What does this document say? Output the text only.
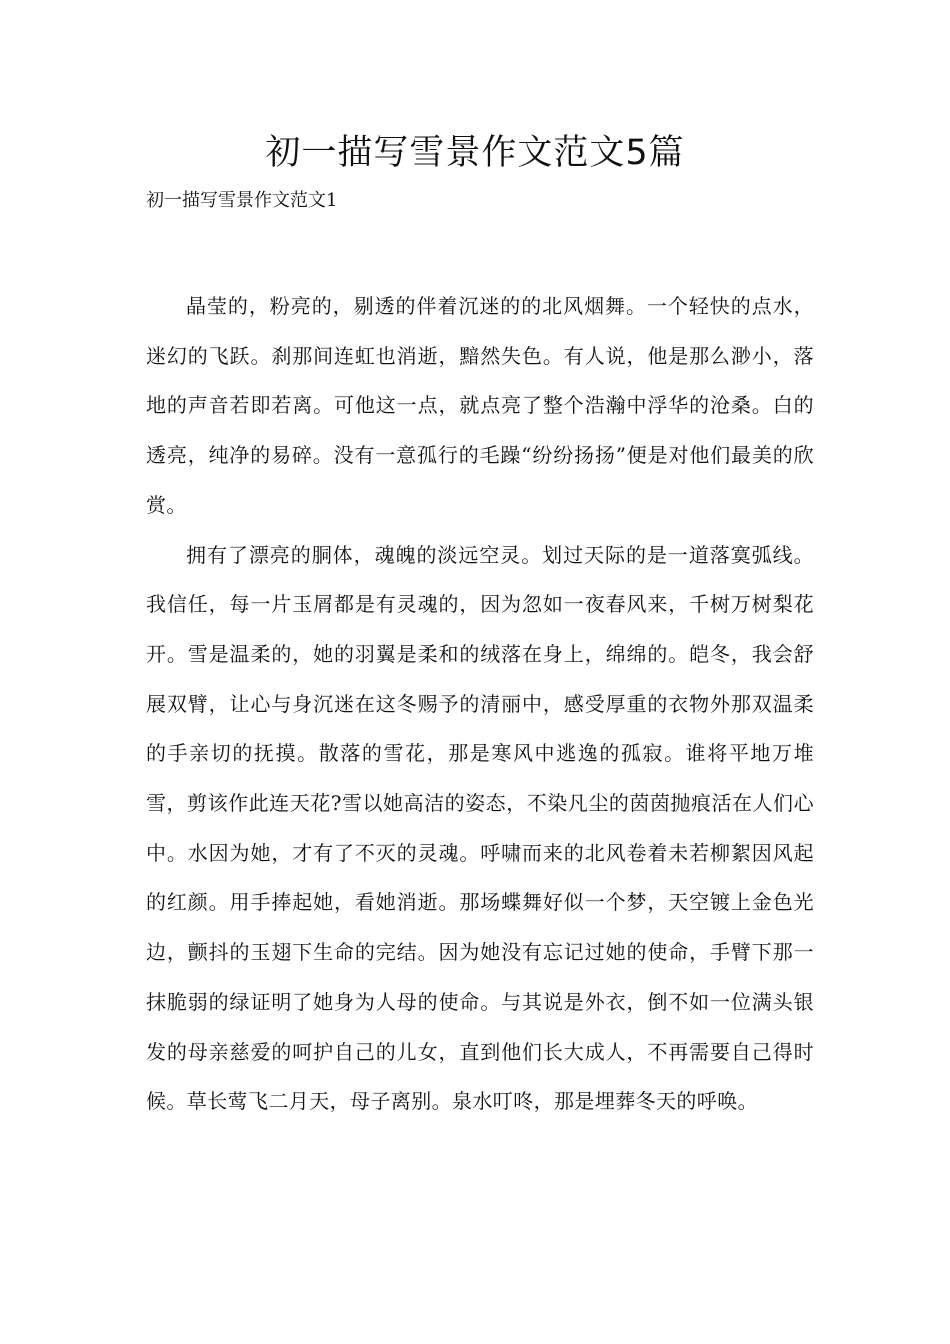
初一描写雪景作文范文5篇

初一描写雪景作文范文1

晶莹的，粉亮的，剔透的伴着沉迷的的北风烟舞。一个轻快的点水，迷幻的飞跃。刹那间连虹也消逝，黯然失色。有人说，他是那么渺小，落地的声音若即若离。可他这一点，就点亮了整个浩瀚中浮华的沧桑。白的透亮，纯净的易碎。没有一意孤行的毛躁“纷纷扬扬”便是对他们最美的欣赏。

拥有了漂亮的胴体，魂魄的淡远空灵。划过天际的是一道落寞弧线。我信任，每一片玉屑都是有灵魂的，因为忽如一夜春风来，千树万树梨花开。雪是温柔的，她的羽翼是柔和的绒落在身上，绵绵的。皑冬，我会舒展双臂，让心与身沉迷在这冬赐予的清丽中，感受厚重的衣物外那双温柔的手亲切的抚摸。散落的雪花，那是寒风中逃逸的孤寂。谁将平地万堆雪，剪该作此连天花?雪以她高洁的姿态，不染凡尘的茵茵抛痕活在人们心中。水因为她，才有了不灭的灵魂。呼啸而来的北风卷着未若柳絮因风起的红颜。用手捧起她，看她消逝。那场蝶舞好似一个梦，天空镀上金色光边，颤抖的玉翅下生命的完结。因为她没有忘记过她的使命，手臂下那一抹脆弱的绿证明了她身为人母的使命。与其说是外衣，倒不如一位满头银发的母亲慈爱的呵护自己的儿女，直到他们长大成人，不再需要自己得时候。草长莺飞二月天，母子离别。泉水叮咚，那是埋葬冬天的呼唤。
